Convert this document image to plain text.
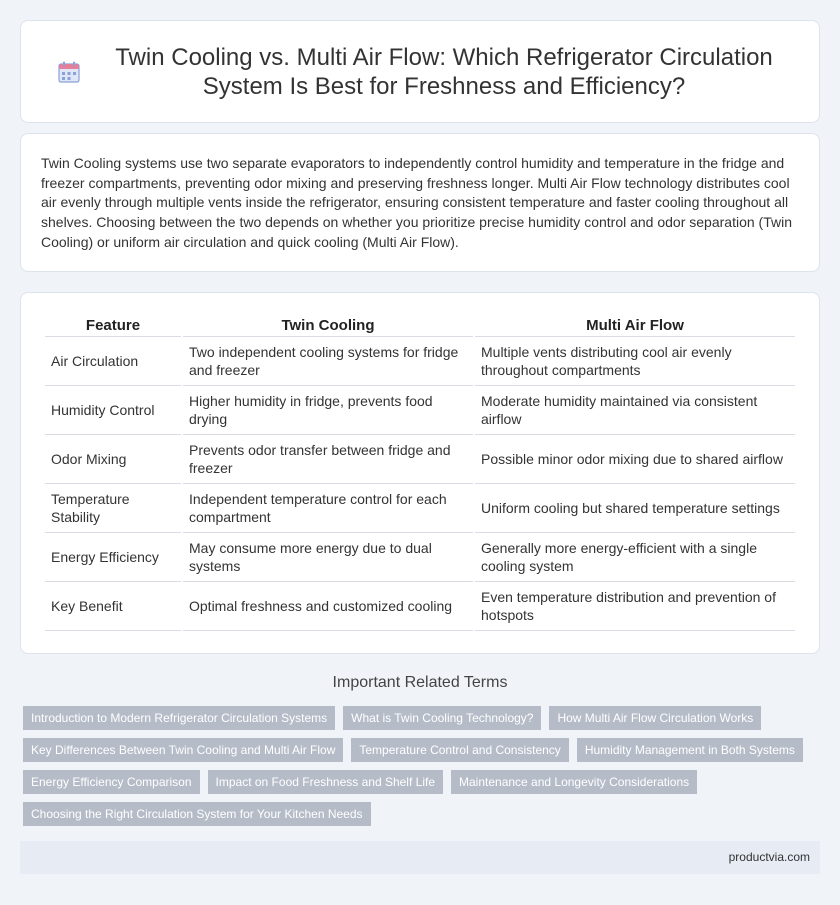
Twin Cooling vs. Multi Air Flow: Which Refrigerator Circulation System Is Best for Freshness and Efficiency?

Twin Cooling systems use two separate evaporators to independently control humidity and temperature in the fridge and freezer compartments, preventing odor mixing and preserving freshness longer. Multi Air Flow technology distributes cool air evenly through multiple vents inside the refrigerator, ensuring consistent temperature and faster cooling throughout all shelves. Choosing between the two depends on whether you prioritize precise humidity control and odor separation (Twin Cooling) or uniform air circulation and quick cooling (Multi Air Flow).

Feature	Twin Cooling	Multi Air Flow
Air Circulation	Two independent cooling systems for fridge and freezer	Multiple vents distributing cool air evenly throughout compartments
Humidity Control	Higher humidity in fridge, prevents food drying	Moderate humidity maintained via consistent airflow
Odor Mixing	Prevents odor transfer between fridge and freezer	Possible minor odor mixing due to shared airflow
Temperature Stability	Independent temperature control for each compartment	Uniform cooling but shared temperature settings
Energy Efficiency	May consume more energy due to dual systems	Generally more energy-efficient with a single cooling system
Key Benefit	Optimal freshness and customized cooling	Even temperature distribution and prevention of hotspots
Important Related Terms
Introduction to Modern Refrigerator Circulation Systems	What is Twin Cooling Technology?	How Multi Air Flow Circulation Works
Key Differences Between Twin Cooling and Multi Air Flow	Temperature Control and Consistency	Humidity Management in Both Systems
Energy Efficiency Comparison	Impact on Food Freshness and Shelf Life	Maintenance and Longevity Considerations
Choosing the Right Circulation System for Your Kitchen Needs
productvia.com
